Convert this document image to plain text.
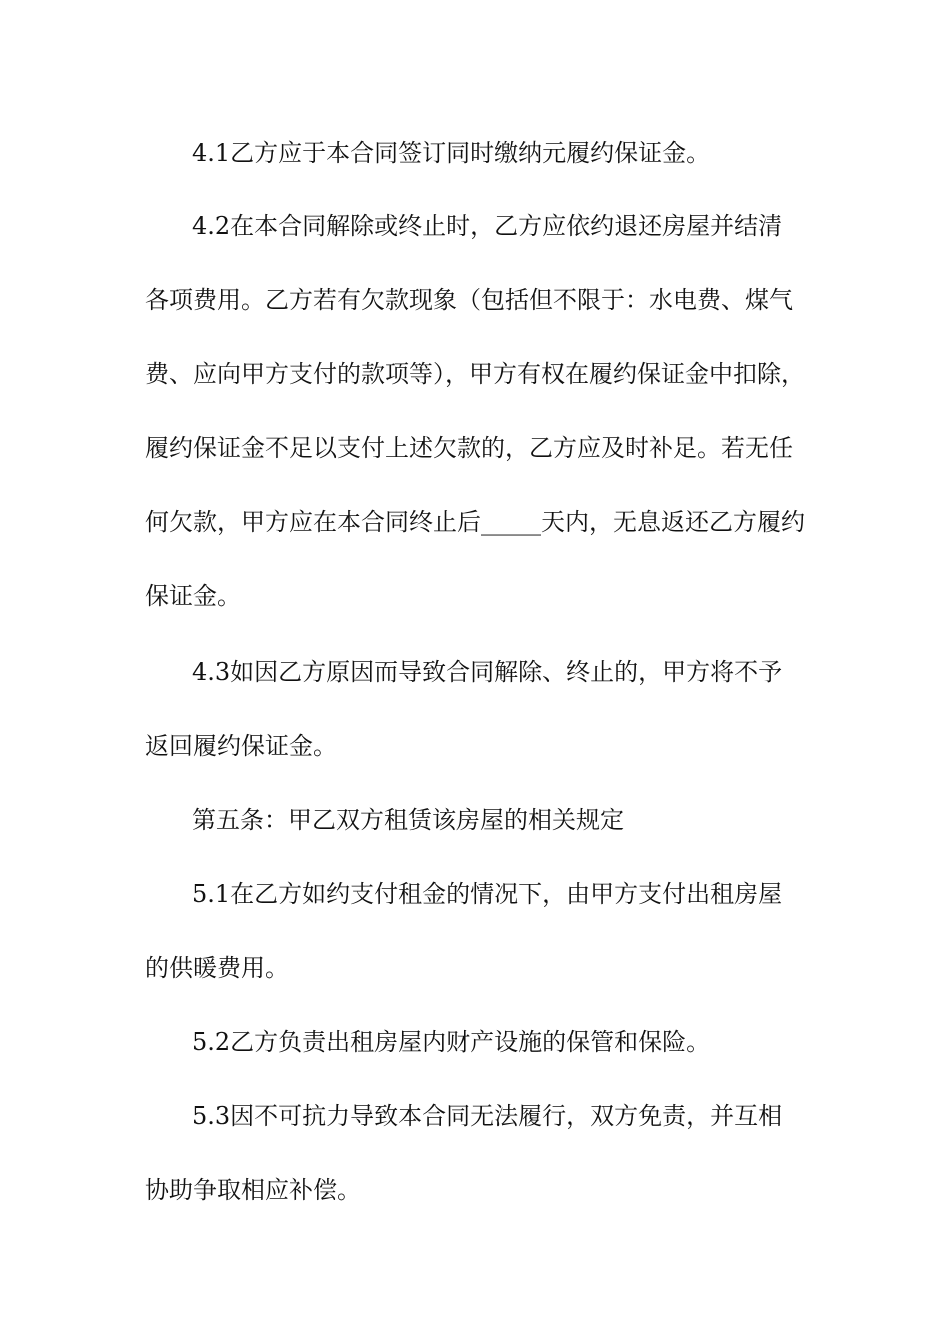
4.1乙方应于本合同签订同时缴纳元履约保证金。
4.2在本合同解除或终止时，乙方应依约退还房屋并结清
各项费用。乙方若有欠款现象（包括但不限于：水电费、煤气
费、应向甲方支付的款项等），甲方有权在履约保证金中扣除，
履约保证金不足以支付上述欠款的，乙方应及时补足。若无任
何欠款，甲方应在本合同终止后_____天内，无息返还乙方履约
保证金。
4.3如因乙方原因而导致合同解除、终止的，甲方将不予
返回履约保证金。
第五条：甲乙双方租赁该房屋的相关规定
5.1在乙方如约支付租金的情况下，由甲方支付出租房屋
的供暖费用。
5.2乙方负责出租房屋内财产设施的保管和保险。
5.3因不可抗力导致本合同无法履行，双方免责，并互相
协助争取相应补偿。
